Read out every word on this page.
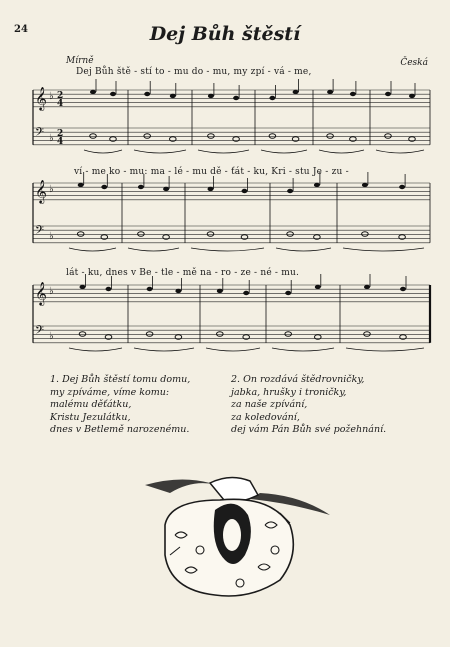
24	Dej Bůh štěstí
Mírně	Česká
Dej Bůh ště - stí to - mu do - mu, my zpí - vá - me,
ví - me ko - mu: ma - lé - mu dě - ťát - ku, Kri - stu Je - zu -
lát - ku, dnes v Be - tle - mě na - ro - ze - né - mu.
𝄞 ♭
𝄢 ♭
2
4
2
4
𝄞 ♭
𝄢 ♭
𝄞 ♭
𝄢 ♭
1. Dej Bůh štěstí tomu domu,
my zpíváme, víme komu:
malému děťátku,
Kristu Jezulátku,
dnes v Betlemě narozenému.
2. On rozdává štědrovničky,
jabka, hrušky i troničky,
za naše zpívání,
za koledování,
dej vám Pán Bůh své požehnání.
